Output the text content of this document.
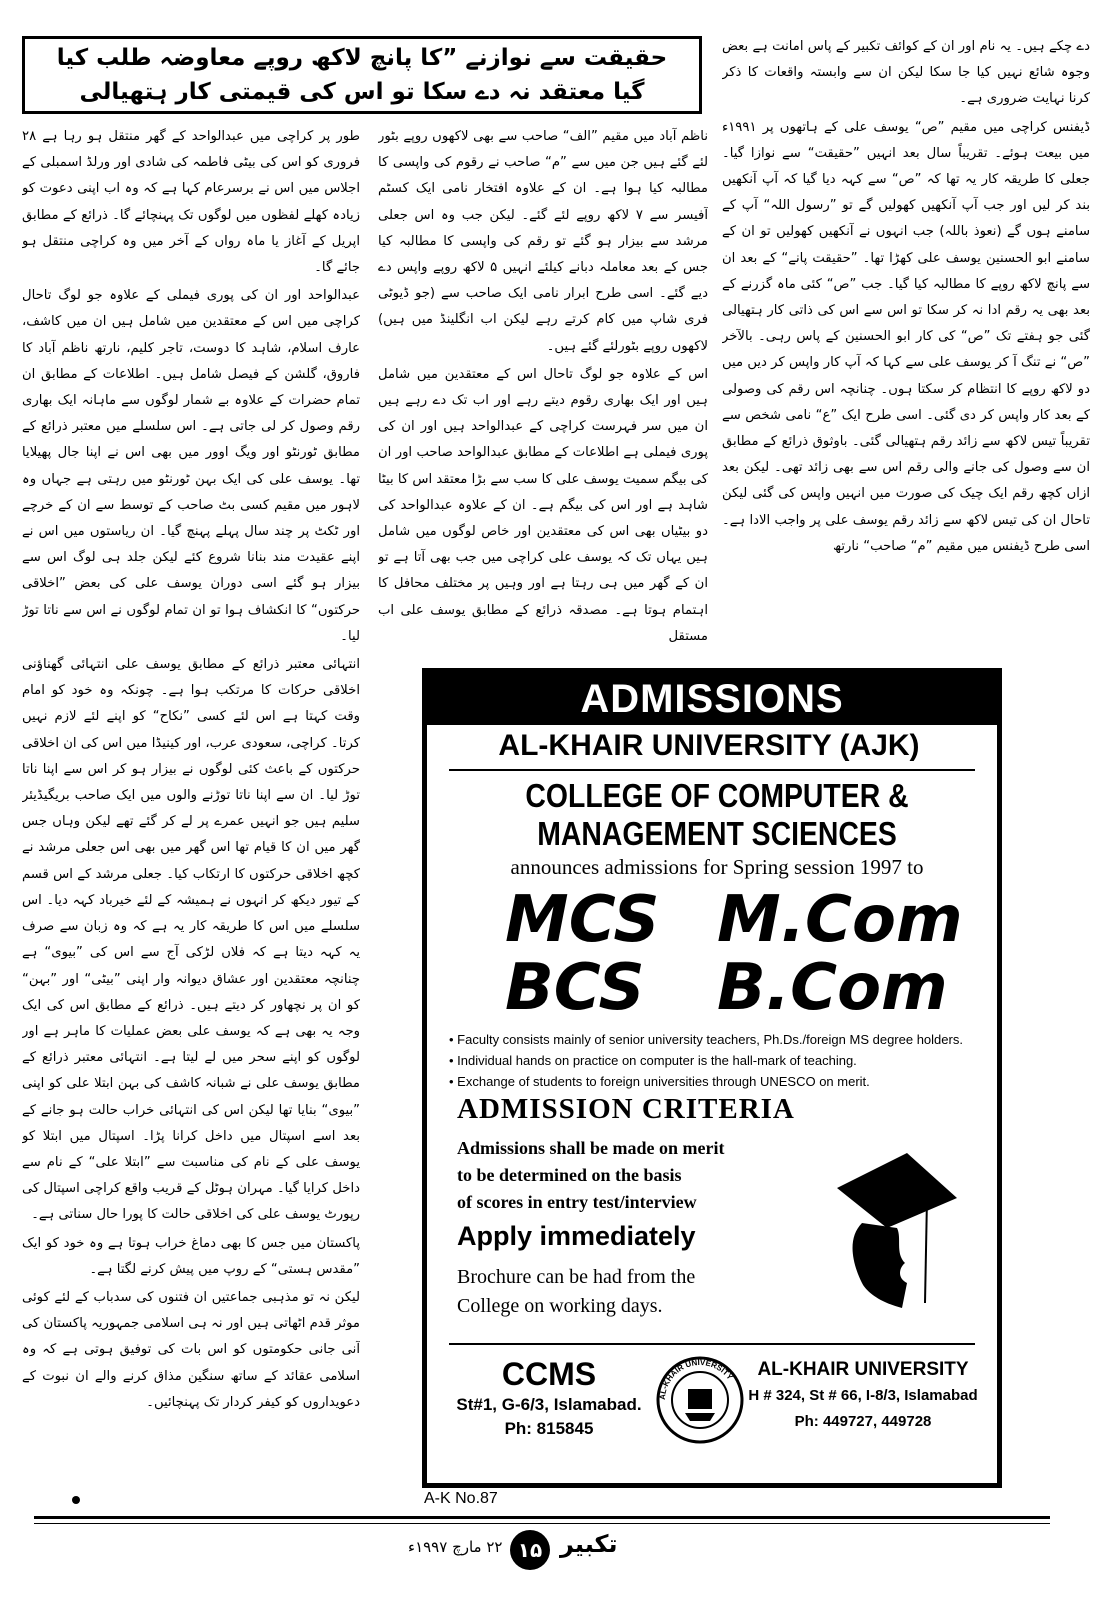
حقیقت سے نوازنے ”کا پانچ لاکھ روپے معاوضہ طلب کیا
گیا معتقد نہ دے سکا تو اس کی قیمتی کار ہتھیالی

دے چکے ہیں۔ یہ نام اور ان کے کوائف تکبیر کے پاس امانت ہے بعض وجوہ شائع نہیں کیا جا سکا لیکن ان سے وابستہ واقعات کا ذکر کرنا نہایت ضروری ہے۔

ڈیفنس کراچی میں مقیم ”ص“ یوسف علی کے ہاتھوں پر ۱۹۹۱ء میں بیعت ہوئے۔ تقریباً سال بعد انہیں ”حقیقت“ سے نوازا گیا۔ جعلی کا طریقہ کار یہ تھا کہ ”ص“ سے کہہ دیا گیا کہ آپ آنکھیں بند کر لیں اور جب آپ آنکھیں کھولیں گے تو ”رسول اللہ“ آپ کے سامنے ہوں گے (نعوذ باللہ) جب انہوں نے آنکھیں کھولیں تو ان کے سامنے ابو الحسنین یوسف علی کھڑا تھا۔ ”حقیقت پانے“ کے بعد ان سے پانچ لاکھ روپے کا مطالبہ کیا گیا۔ جب ”ص“ کئی ماہ گزرنے کے بعد بھی یہ رقم ادا نہ کر سکا تو اس سے اس کی ذاتی کار ہتھیالی گئی جو ہفتے تک ”ص“ کی کار ابو الحسنین کے پاس رہی۔ بالآخر ”ص“ نے تنگ آ کر یوسف علی سے کہا کہ آپ کار واپس کر دیں میں دو لاکھ روپے کا انتظام کر سکتا ہوں۔ چنانچہ اس رقم کی وصولی کے بعد کار واپس کر دی گئی۔ اسی طرح ایک ”ع“ نامی شخص سے تقریباً تیس لاکھ سے زائد رقم ہتھیالی گئی۔ باوثوق ذرائع کے مطابق ان سے وصول کی جانے والی رقم اس سے بھی زائد تھی۔ لیکن بعد ازاں کچھ رقم ایک چیک کی صورت میں انہیں واپس کی گئی لیکن تاحال ان کی تیس لاکھ سے زائد رقم یوسف علی پر واجب الادا ہے۔ اسی طرح ڈیفنس میں مقیم ”م“ صاحب“ نارتھ

ناظم آباد میں مقیم ”الف“ صاحب سے بھی لاکھوں روپے بٹور لئے گئے ہیں جن میں سے ”م“ صاحب نے رقوم کی واپسی کا مطالبہ کیا ہوا ہے۔ ان کے علاوہ افتخار نامی ایک کسٹم آفیسر سے ۷ لاکھ روپے لئے گئے۔ لیکن جب وہ اس جعلی مرشد سے بیزار ہو گئے تو رقم کی واپسی کا مطالبہ کیا جس کے بعد معاملہ دبانے کیلئے انہیں ۵ لاکھ روپے واپس دے دیے گئے۔ اسی طرح ابرار نامی ایک صاحب سے (جو ڈیوٹی فری شاپ میں کام کرتے رہے لیکن اب انگلینڈ میں ہیں) لاکھوں روپے بٹورلئے گئے ہیں۔

اس کے علاوہ جو لوگ تاحال اس کے معتقدین میں شامل ہیں اور ایک بھاری رقوم دیتے رہے اور اب تک دے رہے ہیں ان میں سر فہرست کراچی کے عبدالواحد ہیں اور ان کی پوری فیملی ہے اطلاعات کے مطابق عبدالواحد صاحب اور ان کی بیگم سمیت یوسف علی کا سب سے بڑا معتقد اس کا بیٹا شاہد ہے اور اس کی بیگم ہے۔ ان کے علاوہ عبدالواحد کی دو بیٹیاں بھی اس کی معتقدین اور خاص لوگوں میں شامل ہیں یہاں تک کہ یوسف علی کراچی میں جب بھی آتا ہے تو ان کے گھر میں ہی رہتا ہے اور وہیں پر مختلف محافل کا اہتمام ہوتا ہے۔ مصدقہ ذرائع کے مطابق یوسف علی اب مستقل

طور پر کراچی میں عبدالواحد کے گھر منتقل ہو رہا ہے ۲۸ فروری کو اس کی بیٹی فاطمہ کی شادی اور ورلڈ اسمبلی کے اجلاس میں اس نے برسرعام کہا ہے کہ وہ اب اپنی دعوت کو زیادہ کھلے لفظوں میں لوگوں تک پہنچائے گا۔ ذرائع کے مطابق اپریل کے آغاز یا ماہ رواں کے آخر میں وہ کراچی منتقل ہو جائے گا۔

عبدالواحد اور ان کی پوری فیملی کے علاوہ جو لوگ تاحال کراچی میں اس کے معتقدین میں شامل ہیں ان میں کاشف، عارف اسلام، شاہد کا دوست، تاجر کلیم، نارتھ ناظم آباد کا فاروق، گلشن کے فیصل شامل ہیں۔ اطلاعات کے مطابق ان تمام حضرات کے علاوہ بے شمار لوگوں سے ماہانہ ایک بھاری رقم وصول کر لی جاتی ہے۔ اس سلسلے میں معتبر ذرائع کے مطابق ٹورنٹو اور ویگ اوور میں بھی اس نے اپنا جال پھیلایا تھا۔ یوسف علی کی ایک بہن ٹورنٹو میں رہتی ہے جہاں وہ لاہور میں مقیم کسی بٹ صاحب کے توسط سے ان کے خرچے اور ٹکٹ پر چند سال پہلے پہنچ گیا۔ ان ریاستوں میں اس نے اپنے عقیدت مند بنانا شروع کئے لیکن جلد ہی لوگ اس سے بیزار ہو گئے اسی دوران یوسف علی کی بعض ”اخلاقی حرکتوں“ کا انکشاف ہوا تو ان تمام لوگوں نے اس سے ناتا توڑ لیا۔

انتہائی معتبر ذرائع کے مطابق یوسف علی انتہائی گھناؤنی اخلاقی حرکات کا مرتکب ہوا ہے۔ چونکہ وہ خود کو امام وقت کہتا ہے اس لئے کسی ”نکاح“ کو اپنے لئے لازم نہیں کرتا۔ کراچی، سعودی عرب، اور کینیڈا میں اس کی ان اخلاقی حرکتوں کے باعث کئی لوگوں نے بیزار ہو کر اس سے اپنا ناتا توڑ لیا۔ ان سے اپنا ناتا توڑنے والوں میں ایک صاحب بریگیڈیئر سلیم ہیں جو انہیں عمرے پر لے کر گئے تھے لیکن وہاں جس گھر میں ان کا قیام تھا اس گھر میں بھی اس جعلی مرشد نے کچھ اخلاقی حرکتوں کا ارتکاب کیا۔ جعلی مرشد کے اس قسم کے تیور دیکھ کر انہوں نے ہمیشہ کے لئے خیرباد کہہ دیا۔ اس سلسلے میں اس کا طریقہ کار یہ ہے کہ وہ زبان سے صرف یہ کہہ دیتا ہے کہ فلاں لڑکی آج سے اس کی ”بیوی“ ہے چنانچہ معتقدین اور عشاق دیوانہ وار اپنی ”بیٹی“ اور ”بہن“ کو ان پر نچھاور کر دیتے ہیں۔ ذرائع کے مطابق اس کی ایک وجہ یہ بھی ہے کہ یوسف علی بعض عملیات کا ماہر ہے اور لوگوں کو اپنے سحر میں لے لیتا ہے۔ انتہائی معتبر ذرائع کے مطابق یوسف علی نے شبانہ کاشف کی بہن ابتلا علی کو اپنی ”بیوی“ بنایا تھا لیکن اس کی انتہائی خراب حالت ہو جانے کے بعد اسے اسپتال میں داخل کرانا پڑا۔ اسپتال میں ابتلا کو یوسف علی کے نام کی مناسبت سے ”ابتلا علی“ کے نام سے داخل کرایا گیا۔ مہران ہوٹل کے قریب واقع کراچی اسپتال کی رپورٹ یوسف علی کی اخلاقی حالت کا پورا حال سناتی ہے۔

پاکستان میں جس کا بھی دماغ خراب ہوتا ہے وہ خود کو ایک ”مقدس ہستی“ کے روپ میں پیش کرنے لگتا ہے۔

لیکن نہ تو مذہبی جماعتیں ان فتنوں کی سدباب کے لئے کوئی موثر قدم اٹھاتی ہیں اور نہ ہی اسلامی جمہوریہ پاکستان کی آنی جانی حکومتوں کو اس بات کی توفیق ہوتی ہے کہ وہ اسلامی عقائد کے ساتھ سنگین مذاق کرنے والے ان نبوت کے دعویداروں کو کیفر کردار تک پہنچائیں۔

ADMISSIONS
AL-KHAIR UNIVERSITY (AJK)
COLLEGE OF COMPUTER & MANAGEMENT SCIENCES
announces admissions for Spring session 1997 to
MCS M.Com
BCS B.Com
• Faculty consists mainly of senior university teachers, Ph.Ds./foreign MS degree holders.
• Individual hands on practice on computer is the hall-mark of teaching.
• Exchange of students to foreign universities through UNESCO on merit.
ADMISSION CRITERIA
Admissions shall be made on merit
to be determined on the basis
of scores in entry test/interview
Apply immediately
Brochure can be had from the
College on working days.
CCMS
St#1, G-6/3, Islamabad.
Ph: 815845
AL-KHAIR UNIVERSITY	AL-KHAIR UNIVERSITY
H # 324, St # 66, I-8/3, Islamabad
Ph: 449727, 449728
A-K No.87
۲۲ مارچ ۱۹۹۷ء ۱۵ تکبیر
